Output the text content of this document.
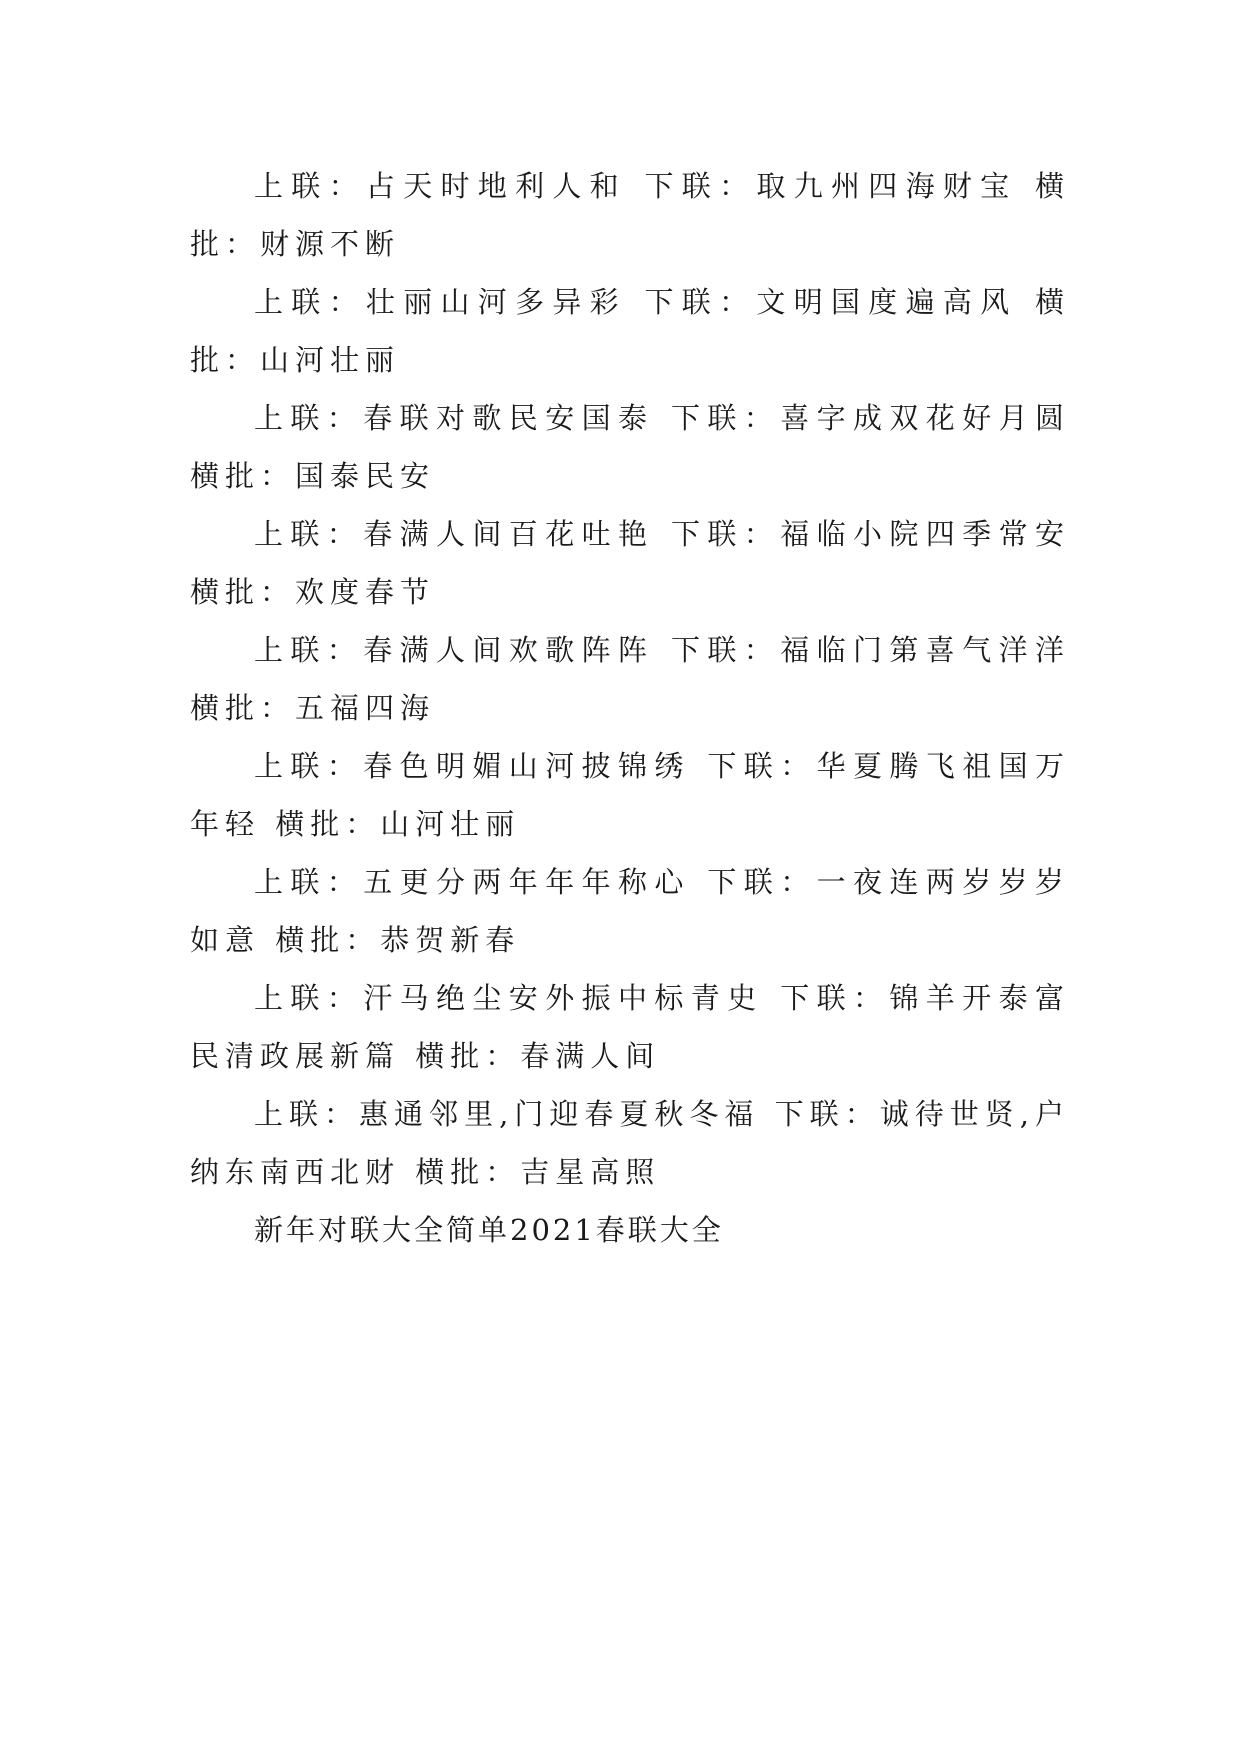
上联：占天时地利人和 下联：取九州四海财宝 横批：财源不断

上联：壮丽山河多异彩 下联：文明国度遍高风 横批：山河壮丽

上联：春联对歌民安国泰 下联：喜字成双花好月圆 横批：国泰民安

上联：春满人间百花吐艳 下联：福临小院四季常安 横批：欢度春节

上联：春满人间欢歌阵阵 下联：福临门第喜气洋洋 横批：五福四海

上联：春色明媚山河披锦绣 下联：华夏腾飞祖国万年轻 横批：山河壮丽

上联：五更分两年年年称心 下联：一夜连两岁岁岁如意 横批：恭贺新春

上联：汗马绝尘安外振中标青史 下联：锦羊开泰富民清政展新篇 横批：春满人间

上联：惠通邻里,门迎春夏秋冬福 下联：诚待世贤,户纳东南西北财 横批：吉星高照

新年对联大全简单2021春联大全
